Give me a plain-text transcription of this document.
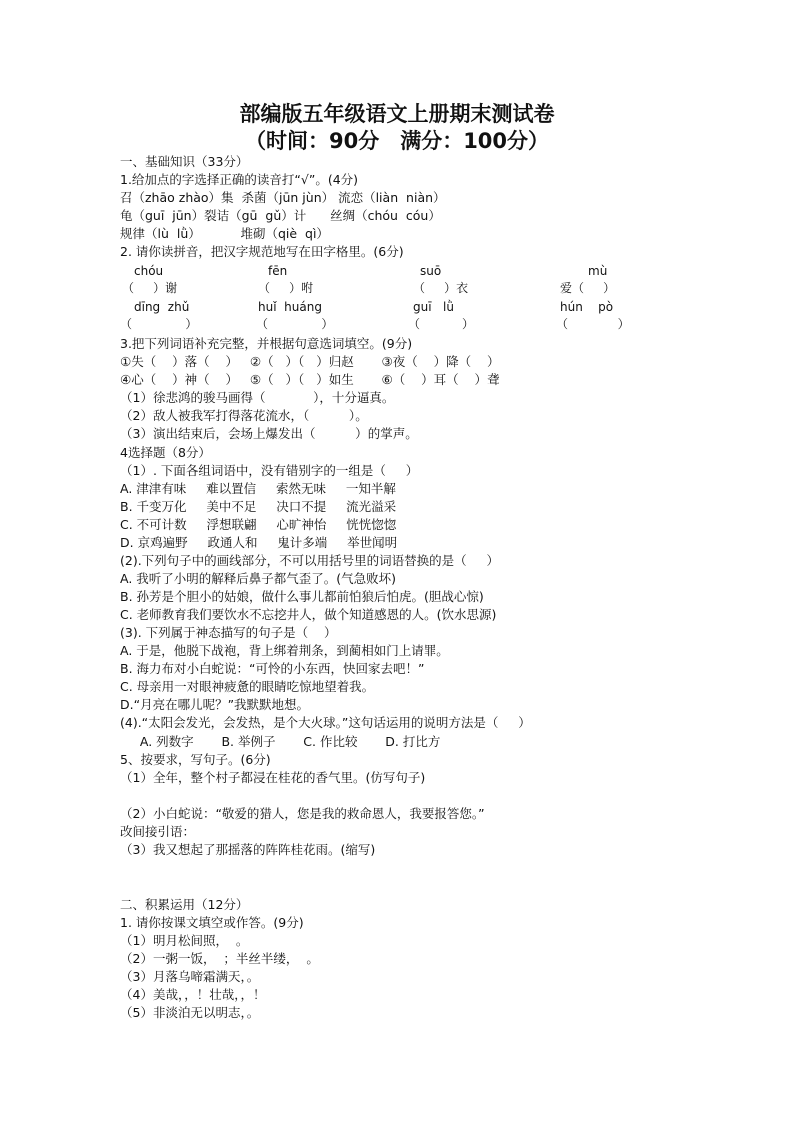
部编版五年级语文上册期末测试卷
（时间：90分　满分：100分）
一、基础知识（33分）
1.给加点的字选择正确的读音打“√”。(4分)
召（zhāo zhào）集  杀菌（jūn jùn） 流恋（liàn  niàn）
龟（guī  jūn）裂诘（gū  gǔ）计      丝绸（chóu  cóu）
规律（lù  lǜ）          堆砌（qiè  qì）
2. 请你读拼音，把汉字规范地写在田字格里。(6分)
chóu	fēn	suō	mù
（     ）谢	（     ）咐	（     ）衣	爱（     ）
dīng  zhǔ	huǐ  huáng	guī   lǜ	hún    pò
（              ）	（              ）	（           ）	（             ）
3.把下列词语补充完整，并根据句意选词填空。(9分)
①失（    ）落（    ）   ②（   ）（   ）归赵       ③夜（    ）降（    ）
④心（    ）神（    ）   ⑤（   ）（   ）如生       ⑥（    ）耳（    ）聋
（1）徐悲鸿的骏马画得（            ），十分逼真。
（2）敌人被我军打得落花流水，（          ）。
（3）演出结束后，会场上爆发出（          ）的掌声。
4选择题（8分）
（1）. 下面各组词语中，没有错别字的一组是（     ）
A. 津津有味     难以置信     索然无味     一知半解
B. 千变万化     美中不足     决口不提     流光溢采
C. 不可计数     浮想联翩     心旷神怡     恍恍惚惚
D. 京鸡遍野     政通人和     鬼计多端     举世闻明
(2).下列句子中的画线部分，不可以用括号里的词语替换的是（     ）
A. 我听了小明的解释后鼻子都气歪了。(气急败坏)
B. 孙芳是个胆小的姑娘，做什么事儿都前怕狼后怕虎。(胆战心惊)
C. 老师教育我们要饮水不忘挖井人，做个知道感恩的人。(饮水思源)
(3). 下列属于神态描写的句子是（    ）
A. 于是，他脱下战袍，背上绑着荆条，到蔺相如门上请罪。
B. 海力布对小白蛇说：“可怜的小东西，快回家去吧！”
C. 母亲用一对眼神疲惫的眼睛吃惊地望着我。
D.“月亮在哪儿呢？”我默默地想。
(4).“太阳会发光，会发热，是个大火球。”这句话运用的说明方法是（     ）
A. 列数字       B. 举例子       C. 作比较       D. 打比方
5、按要求，写句子。(6分)
（1）全年，整个村子都浸在桂花的香气里。(仿写句子)
（2）小白蛇说：“敬爱的猎人，您是我的救命恩人，我要报答您。”
改间接引语：
（3）我又想起了那摇落的阵阵桂花雨。(缩写)
二、积累运用（12分）
1. 请你按课文填空或作答。(9分)
（1）明月松间照，  。
（2）一粥一饭，  ；半丝半缕，  。
（3）月落乌啼霜满天，。
（4）美哉，，！壮哉，，！
（5）非淡泊无以明志，。
